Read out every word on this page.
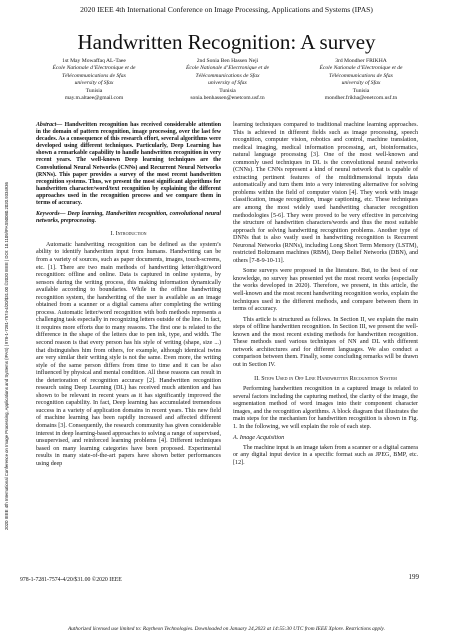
2020 IEEE 4th International Conference on Image Processing, Applications and Systems (IPAS)
2020 IEEE 4th International Conference on Image Processing, Applications and Systems (IPAS) | 978-1-7281-7574-4/20/$31.00 ©2020 IEEE | DOI: 10.1109/IPAS50080.2020.9334936
Handwritten Recognition: A survey
1st May Mowaffaq AL-Taee
École Nationale d’Electronique et de
Télécommunications de Sfax
university of Sfax
Tunisia
may.m.altaee@gmail.com
2nd Sonia Ben Hassen Neji
École Nationale d’Electronique et de
Télécommunications de Sfax
university of Sfax
Tunisia
sonia.benhassen@enetcom.usf.tn
3rd Mondher FRIKHA
École Nationale d’Electronique et de
Télécommunications de Sfax
university of Sfax
Tunisia
mondher.frikha@enetcom.usf.tn
Abstract— Handwritten recognition has received considerable attention in the domain of pattern recognition, image processing, over the last few decades. As a consequence of this research effort, several algorithms were developed using different techniques. Particularly, Deep Learning has shown a remarkable capability to handle handwritten recognition in very recent years. The well-known Deep learning techniques are the Convolutional Neural Networks (CNNs) and Recurrent Neural Networks (RNNs). This paper provides a survey of the most recent handwritten recognition systems. Thus, we present the most significant algorithms for handwritten character/word/text recognition by explaining the different approaches used in the recognition process and we compare them in terms of accuracy.
Keywords— Deep learning, Handwritten recognition, convolutional neural networks, preprocessing.
I. Introduction

Automatic handwriting recognition can be defined as the system’s ability to identify handwritten input from humans. Handwriting can be from a variety of sources, such as paper documents, images, touch-screens, etc. [1]. There are two main methods of handwriting letter/digit/word recognition: offline and online. Data is captured in online systems, by sensors during the writing process, this making information dynamically available according to boundaries. While in the offline handwriting recognition system, the handwriting of the user is available as an image obtained from a scanner or a digital camera after completing the writing process. Automatic letter/word recognition with both methods represents a challenging task especially in recognizing letters outside of the line. In fact, it requires more efforts due to many reasons. The first one is related to the difference in the shape of the letters due to pen ink, type, and width. The second reason is that every person has his style of writing (shape, size ...) that distinguishes him from others, for example, although identical twins are very similar their writing style is not the same. Even more, the writing style of the same person differs from time to time and it can be also influenced by physical and mental condition. All these reasons can result in the deterioration of recognition accuracy [2]. Handwritten recognition research using Deep Learning (DL) has received much attention and has shown to be relevant in recent years as it has significantly improved the recognition capability. In fact, Deep learning has accumulated tremendous success in a variety of application domains in recent years. This new field of machine learning has been rapidly increased and affected different domains [3]. Consequently, the research community has given considerable interest in deep learning-based approaches to solving a range of supervised, unsupervised, and reinforced learning problems [4]. Different techniques based on many learning categories have been proposed. Experimental results in many state-of-the-art papers have shown better performances using deep

learning techniques compared to traditional machine learning approaches. This is achieved in different fields such as image processing, speech recognition, computer vision, robotics and control, machine translation, medical imaging, medical information processing, art, bioinformatics, natural language processing [3]. One of the most well-known and commonly used techniques in DL is the convolutional neural networks (CNNs). The CNNs represent a kind of neural network that is capable of extracting pertinent features of the multidimensional inputs data automatically and turn them into a very interesting alternative for solving problems within the field of computer vision [4]. They work with image classification, image recognition, image captioning, etc. These techniques are among the most widely used handwriting character recognition methodologies [5-6]. They were proved to be very effective in perceiving the structure of handwritten characters/words and thus the most suitable approach for solving handwriting recognition problems. Another type of DNNs that is also vastly used in handwriting recognition is Recurrent Neuronal Networks (RNNs), including Long Short Term Memory (LSTM), restricted Boltzmann machines (RBM), Deep Belief Networks (DBN), and others [7-8-9-10-11].

Some surveys were proposed in the literature. But, to the best of our knowledge, no survey has presented yet the most recent works (especially the works developed in 2020). Therefore, we present, in this article, the well-known and the most recent handwriting recognition works, explain the techniques used in the different methods, and compare between them in terms of accuracy.

This article is structured as follows. In Section II, we explain the main steps of offline handwritten recognition. In Section III, we present the well-known and the most recent existing methods for handwritten recognition. These methods used various techniques of NN and DL with different network architectures and for different languages. We also conduct a comparison between them. Finally, some concluding remarks will be drawn out in Section IV.

II. Steps Used in Off Line Handwritten Recognition System

Performing handwritten recognition in a captured image is related to several factors including the capturing method, the clarity of the image, the segmentation method of word images into their component character images, and the recognition algorithms. A block diagram that illustrates the main steps for the mechanism for handwritten recognition is shown in Fig. 1. In the following, we will explain the role of each step.

A. Image Acquisition

The machine input is an image taken from a scanner or a digital camera or any digital input device in a specific format such as JPEG, BMP, etc. [12].

978-1-7281-7574-4/20/$31.00 ©2020 IEEE	199
Authorized licensed use limited to: Raytheon Technologies. Downloaded on January 24,2023 at 14:55:30 UTC from IEEE Xplore. Restrictions apply.
